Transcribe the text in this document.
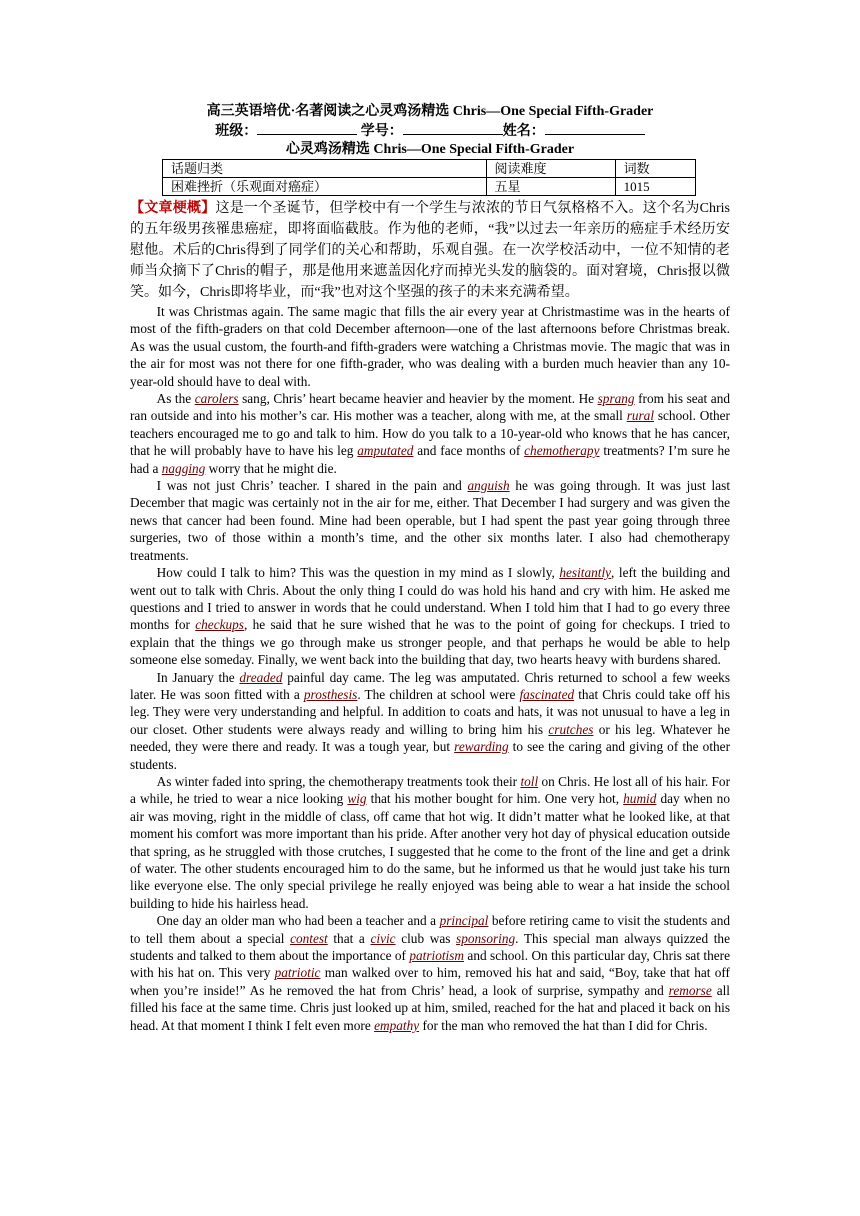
高三英语培优·名著阅读之心灵鸡汤精选 Chris—One Special Fifth-Grader
班级：	学号：	姓名：
心灵鸡汤精选 Chris—One Special Fifth-Grader
话题归类	阅读难度	词数
困难挫折（乐观面对癌症）	五星	1015
【文章梗概】这是一个圣诞节，但学校中有一个学生与浓浓的节日气氛格格不入。这个名为Chris的五年级男孩罹患癌症，即将面临截肢。作为他的老师，“我”以过去一年亲历的癌症手术经历安慰他。术后的Chris得到了同学们的关心和帮助，乐观自强。在一次学校活动中，一位不知情的老师当众摘下了Chris的帽子，那是他用来遮盖因化疗而掉光头发的脑袋的。面对窘境，Chris报以微笑。如今，Chris即将毕业，而“我”也对这个坚强的孩子的未来充满希望。

It was Christmas again. The same magic that fills the air every year at Christmastime was in the hearts of most of the fifth-graders on that cold December afternoon—one of the last afternoons before Christmas break. As was the usual custom, the fourth-and fifth-graders were watching a Christmas movie. The magic that was in the air for most was not there for one fifth-grader, who was dealing with a burden much heavier than any 10-year-old should have to deal with.

As the carolers sang, Chris’ heart became heavier and heavier by the moment. He sprang from his seat and ran outside and into his mother’s car. His mother was a teacher, along with me, at the small rural school. Other teachers encouraged me to go and talk to him. How do you talk to a 10-year-old who knows that he has cancer, that he will probably have to have his leg amputated and face months of chemotherapy treatments? I’m sure he had a nagging worry that he might die.

I was not just Chris’ teacher. I shared in the pain and anguish he was going through. It was just last December that magic was certainly not in the air for me, either. That December I had surgery and was given the news that cancer had been found. Mine had been operable, but I had spent the past year going through three surgeries, two of those within a month’s time, and the other six months later. I also had chemotherapy treatments.

How could I talk to him? This was the question in my mind as I slowly, hesitantly, left the building and went out to talk with Chris. About the only thing I could do was hold his hand and cry with him. He asked me questions and I tried to answer in words that he could understand. When I told him that I had to go every three months for checkups, he said that he sure wished that he was to the point of going for checkups. I tried to explain that the things we go through make us stronger people, and that perhaps he would be able to help someone else someday. Finally, we went back into the building that day, two hearts heavy with burdens shared.

In January the dreaded painful day came. The leg was amputated. Chris returned to school a few weeks later. He was soon fitted with a prosthesis. The children at school were fascinated that Chris could take off his leg. They were very understanding and helpful. In addition to coats and hats, it was not unusual to have a leg in our closet. Other students were always ready and willing to bring him his crutches or his leg. Whatever he needed, they were there and ready. It was a tough year, but rewarding to see the caring and giving of the other students.

As winter faded into spring, the chemotherapy treatments took their toll on Chris. He lost all of his hair. For a while, he tried to wear a nice looking wig that his mother bought for him. One very hot, humid day when no air was moving, right in the middle of class, off came that hot wig. It didn’t matter what he looked like, at that moment his comfort was more important than his pride. After another very hot day of physical education outside that spring, as he struggled with those crutches, I suggested that he come to the front of the line and get a drink of water. The other students encouraged him to do the same, but he informed us that he would just take his turn like everyone else. The only special privilege he really enjoyed was being able to wear a hat inside the school building to hide his hairless head.

One day an older man who had been a teacher and a principal before retiring came to visit the students and to tell them about a special contest that a civic club was sponsoring. This special man always quizzed the students and talked to them about the importance of patriotism and school. On this particular day, Chris sat there with his hat on. This very patriotic man walked over to him, removed his hat and said, “Boy, take that hat off when you’re inside!” As he removed the hat from Chris’ head, a look of surprise, sympathy and remorse all filled his face at the same time. Chris just looked up at him, smiled, reached for the hat and placed it back on his head. At that moment I think I felt even more empathy for the man who removed the hat than I did for Chris.
